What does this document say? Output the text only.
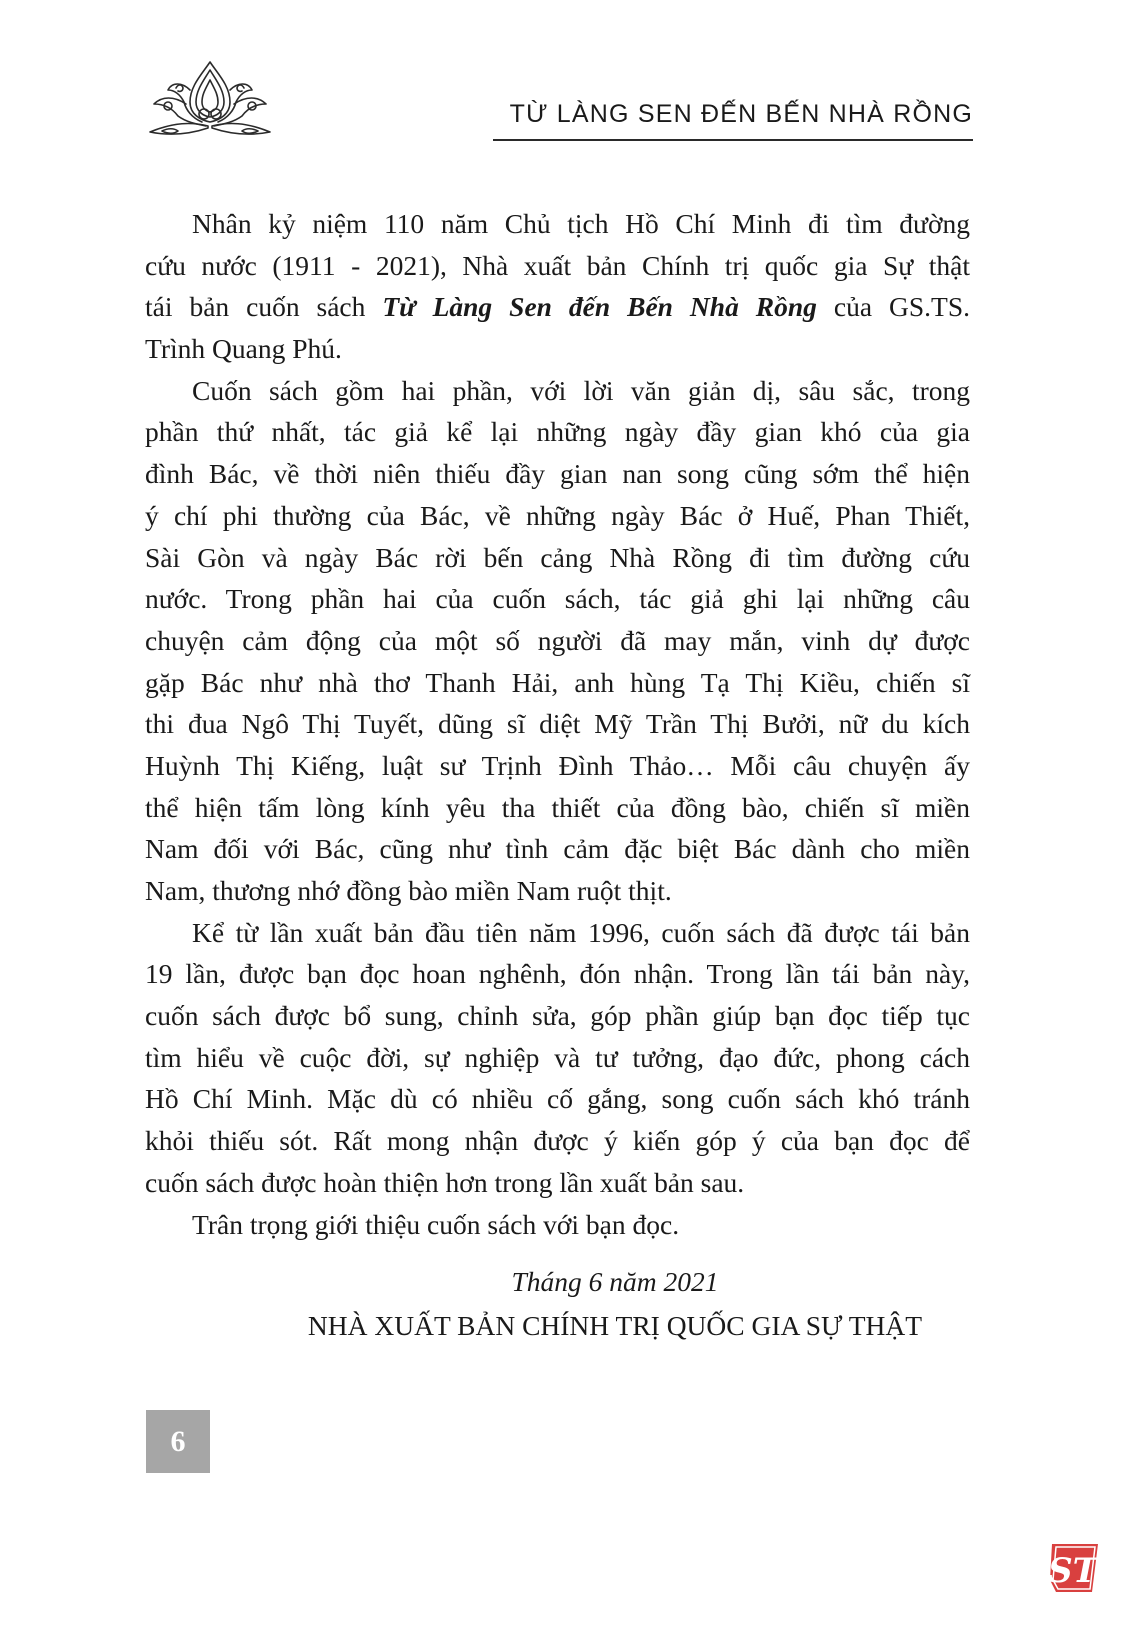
TỪ LÀNG SEN ĐẾN BẾN NHÀ RỒNG
Nhân kỷ niệm 110 năm Chủ tịch Hồ Chí Minh đi tìm đường
cứu nước (1911 - 2021), Nhà xuất bản Chính trị quốc gia Sự thật
tái bản cuốn sách Từ Làng Sen đến Bến Nhà Rồng của GS.TS.
Trình Quang Phú.
Cuốn sách gồm hai phần, với lời văn giản dị, sâu sắc, trong
phần thứ nhất, tác giả kể lại những ngày đầy gian khó của gia
đình Bác, về thời niên thiếu đầy gian nan song cũng sớm thể hiện
ý chí phi thường của Bác, về những ngày Bác ở Huế, Phan Thiết,
Sài Gòn và ngày Bác rời bến cảng Nhà Rồng đi tìm đường cứu
nước. Trong phần hai của cuốn sách, tác giả ghi lại những câu
chuyện cảm động của một số người đã may mắn, vinh dự được
gặp Bác như nhà thơ Thanh Hải, anh hùng Tạ Thị Kiều, chiến sĩ
thi đua Ngô Thị Tuyết, dũng sĩ diệt Mỹ Trần Thị Bưởi, nữ du kích
Huỳnh Thị Kiếng, luật sư Trịnh Đình Thảo… Mỗi câu chuyện ấy
thể hiện tấm lòng kính yêu tha thiết của đồng bào, chiến sĩ miền
Nam đối với Bác, cũng như tình cảm đặc biệt Bác dành cho miền
Nam, thương nhớ đồng bào miền Nam ruột thịt.
Kể từ lần xuất bản đầu tiên năm 1996, cuốn sách đã được tái bản
19 lần, được bạn đọc hoan nghênh, đón nhận. Trong lần tái bản này,
cuốn sách được bổ sung, chỉnh sửa, góp phần giúp bạn đọc tiếp tục
tìm hiểu về cuộc đời, sự nghiệp và tư tưởng, đạo đức, phong cách
Hồ Chí Minh. Mặc dù có nhiều cố gắng, song cuốn sách khó tránh
khỏi thiếu sót. Rất mong nhận được ý kiến góp ý của bạn đọc để
cuốn sách được hoàn thiện hơn trong lần xuất bản sau.
Trân trọng giới thiệu cuốn sách với bạn đọc.
Tháng 6 năm 2021
NHÀ XUẤT BẢN CHÍNH TRỊ QUỐC GIA SỰ THẬT
6
ST
